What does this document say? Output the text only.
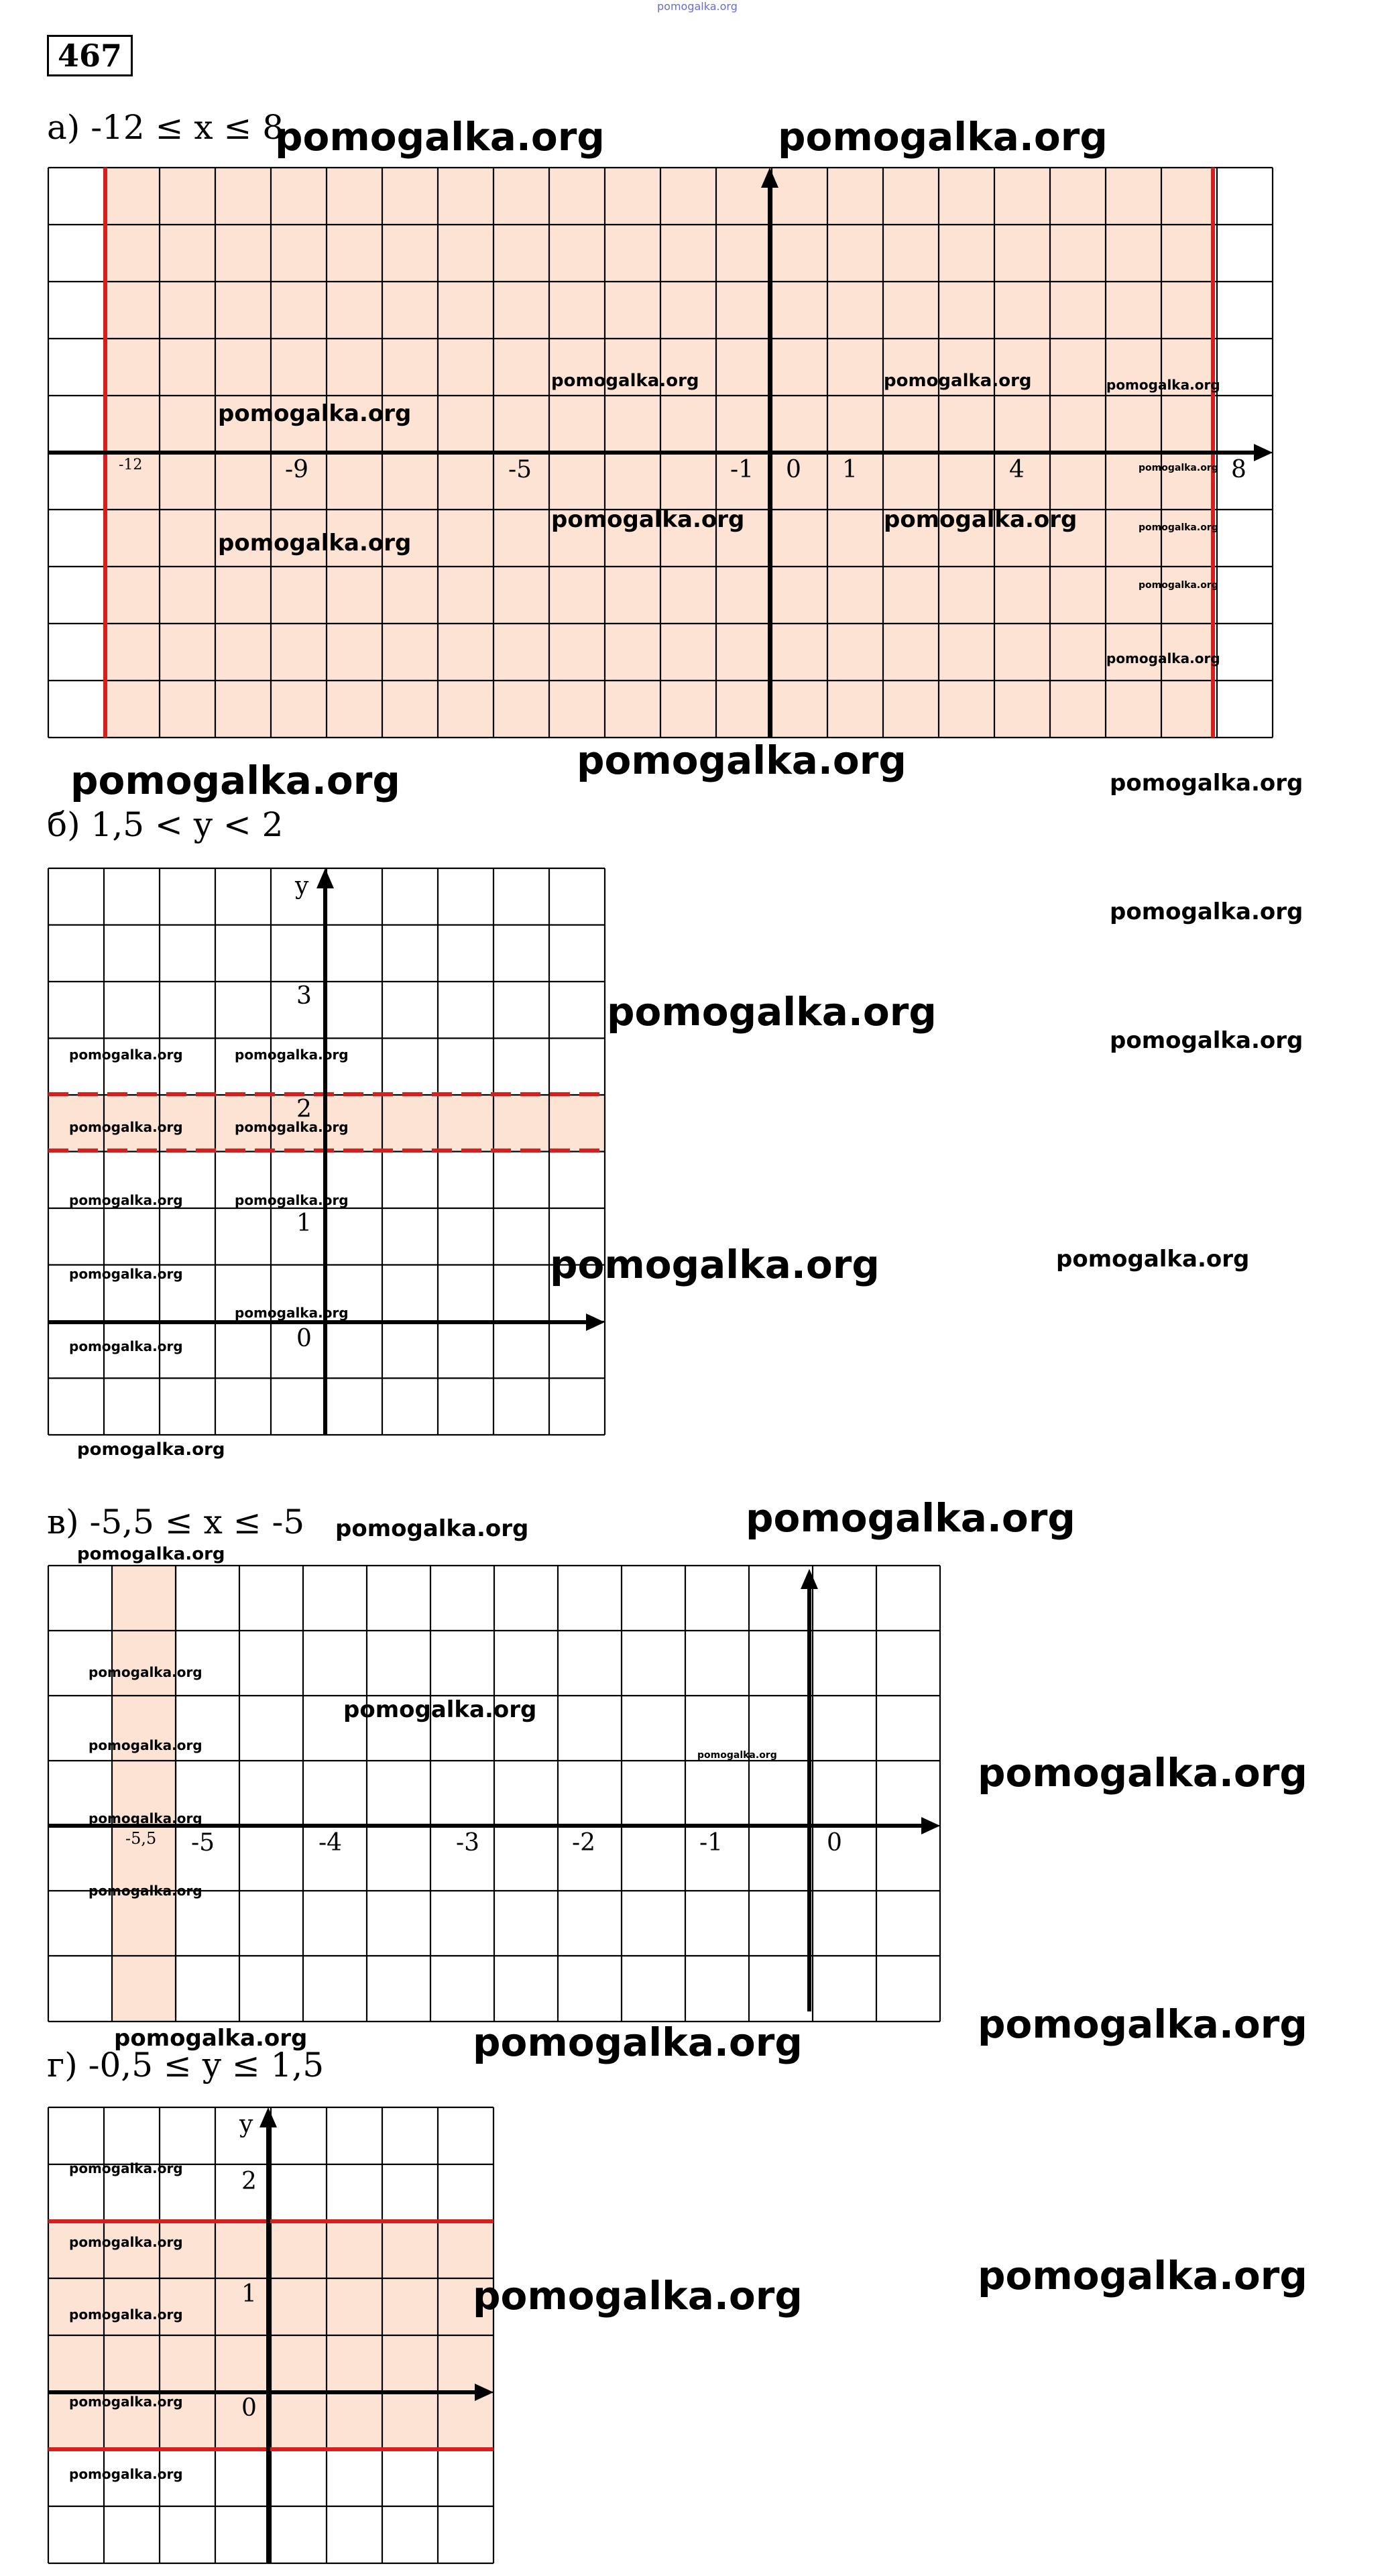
pomogalka.org
467
а) -12 ≤ x ≤ 8
-12	-9	-5	-1 0 1	4	8
pomogalka.org	pomogalka.org
pomogalka.org	pomogalka.org	pomogalka.org
pomogalka.org
pomogalka.org
pomogalka.org	pomogalka.org	pomogalka.org
pomogalka.org
pomogalka.org
pomogalka.org
pomogalka.org
pomogalka.org	pomogalka.org
б) 1,5 < y < 2
y
3
2
1
0
pomogalka.org
pomogalka.org
pomogalka.org
pomogalka.org	pomogalka.org
pomogalka.org	pomogalka.org
pomogalka.org	pomogalka.org
pomogalka.org	pomogalka.org
pomogalka.org
pomogalka.org
pomogalka.org
pomogalka.org
в) -5,5 ≤ x ≤ -5
-5,5 -5	-4	-3	-2	-1	0
pomogalka.org
pomogalka.org
pomogalka.org
pomogalka.org
pomogalka.org
pomogalka.org
pomogalka.org	pomogalka.org
pomogalka.org
pomogalka.org
pomogalka.org	pomogalka.org
pomogalka.org
г) -0,5 ≤ y ≤ 1,5
y
2
1
0
pomogalka.org
pomogalka.org
pomogalka.org
pomogalka.org
pomogalka.org
pomogalka.org
pomogalka.org
